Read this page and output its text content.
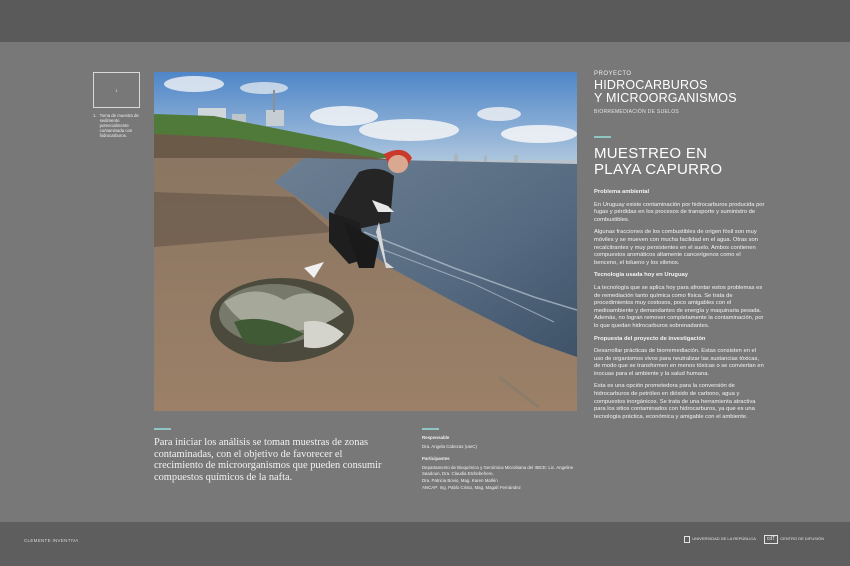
1
1. Toma de muestra de sedimento potencialmente contaminada con hidrocarburos.
Para iniciar los análisis se toman muestras de zonas contaminadas, con el objetivo de favorecer el crecimiento de microorganismos que pueden consumir compuestos químicos de la nafta.
Responsable
Dra. Angela Cabezas (uteC)
Participantes
Departamento de Bioquímica y Genómica Microbiana del IIBCE: Lic. Angeline Saadoun, Dra. Claudia Etchebehere,
Dra. Patricia Bovio, Mag. Karen Mallén
ANCAP: Ing. Pablo Cristo, Mag. Magalí Fernández
PROYECTO
HIDROCARBUROS
Y MICROORGANISMOS
BIORREMEDIACIÓN DE SUELOS
MUESTREO EN
PLAYA CAPURRO
Problema ambiental
En Uruguay existe contaminación por hidrocarburos producida por fugas y pérdidas en los procesos de transporte y suministro de combustibles.
Algunas fracciones de los combustibles de origen fósil son muy móviles y se mueven con mucha facilidad en el agua. Otras son recalcitrantes y muy persistentes en el suelo. Ambos contienen compuestos aromáticos altamente cancerígenos como el benceno, el tolueno y los xilenos.
Tecnología usada hoy en Uruguay
La tecnología que se aplica hoy para afrontar estos problemas es de remediación tanto química como física. Se trata de procedimientos muy costosos, poco amigables con el medioambiente y demandantes de energía y maquinaria pesada. Además, no logran remover completamente la contaminación, por lo que quedan hidrocarburos sobrenadantes.
Propuesta del proyecto de investigación
Desarrollar prácticas de biorremediación. Estas consisten en el uso de organismos vivos para neutralizar las sustancias tóxicas, de modo que se transformen en menos tóxicas o se conviertan en inocuas para el ambiente y la salud humana.
Esta es una opción prometedora para la conversión de hidrocarburos de petróleo en dióxido de carbono, agua y compuestos inorgánicos. Se trata de una herramienta atractiva para los sitios contaminados con hidrocarburos, ya que es una tecnología práctica, económica y amigable con el ambiente.
CLEMENTE INVENTIVA	UNIVERSIDAD DE LA REPÚBLICA	cdT	CENTRO DE DIFUSIÓN
